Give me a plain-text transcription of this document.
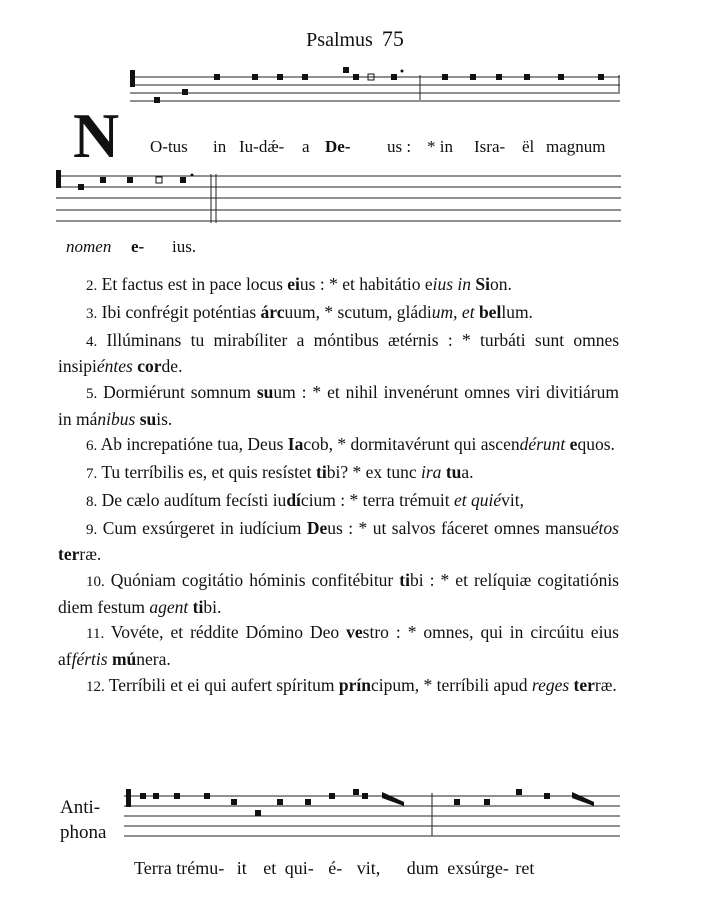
Psalmus 75
N O-tus in Iu-dǽ- a De- us : * in Isra- ël magnum
nomen e- ius.

2. Et factus est in pace locus eius : * et habitátio eius in Sion.

3. Ibi confrégit poténtias árcuum, * scutum, gládium, et bellum.

4. Illúminans tu mirabíliter a móntibus ætérnis : * turbáti sunt omnes insipiéntes corde.

5. Dormiérunt somnum suum : * et nihil invenérunt omnes viri divitiárum in mánibus suis.

6. Ab increpatióne tua, Deus Iacob, * dormitavérunt qui ascendérunt equos.

7. Tu terríbilis es, et quis resístet tibi? * ex tunc ira tua.

8. De cælo audítum fecísti iudícium : * terra trémuit et quiévit,

9. Cum exsúrgeret in iudícium Deus : * ut salvos fáceret omnes mansuétos terræ.

10. Quóniam cogitátio hóminis confitébitur tibi : * et relíquiæ cogitatiónis diem festum agent tibi.

11. Vovéte, et réddite Dómino Deo vestro : * omnes, qui in circúitu eius affértis múnera.

12. Terríbili et ei qui aufert spíritum príncipum, * terríbili apud reges terræ.

Anti-
phona
Terra trému- it et qui- é- vit, dum exsúrge- ret
